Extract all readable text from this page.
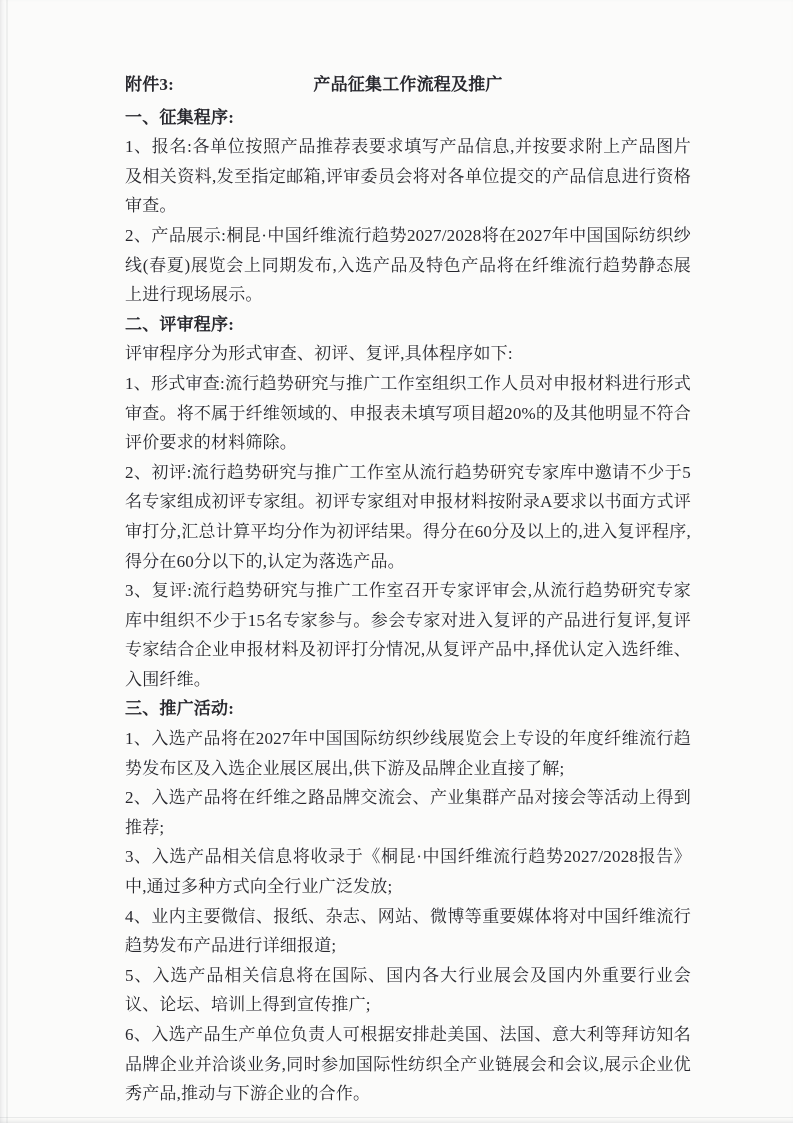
附件3:	产品征集工作流程及推广
一、征集程序:

1、报名:各单位按照产品推荐表要求填写产品信息,并按要求附上产品图片及相关资料,发至指定邮箱,评审委员会将对各单位提交的产品信息进行资格审查。

2、产品展示:桐昆·中国纤维流行趋势2027/2028将在2027年中国国际纺织纱线(春夏)展览会上同期发布,入选产品及特色产品将在纤维流行趋势静态展上进行现场展示。

二、评审程序:

评审程序分为形式审查、初评、复评,具体程序如下:

1、形式审查:流行趋势研究与推广工作室组织工作人员对申报材料进行形式审查。将不属于纤维领域的、申报表未填写项目超20%的及其他明显不符合评价要求的材料筛除。

2、初评:流行趋势研究与推广工作室从流行趋势研究专家库中邀请不少于5名专家组成初评专家组。初评专家组对申报材料按附录A要求以书面方式评审打分,汇总计算平均分作为初评结果。得分在60分及以上的,进入复评程序,得分在60分以下的,认定为落选产品。

3、复评:流行趋势研究与推广工作室召开专家评审会,从流行趋势研究专家库中组织不少于15名专家参与。参会专家对进入复评的产品进行复评,复评专家结合企业申报材料及初评打分情况,从复评产品中,择优认定入选纤维、入围纤维。

三、推广活动:

1、入选产品将在2027年中国国际纺织纱线展览会上专设的年度纤维流行趋势发布区及入选企业展区展出,供下游及品牌企业直接了解;

2、入选产品将在纤维之路品牌交流会、产业集群产品对接会等活动上得到推荐;

3、入选产品相关信息将收录于《桐昆·中国纤维流行趋势2027/2028报告》中,通过多种方式向全行业广泛发放;

4、业内主要微信、报纸、杂志、网站、微博等重要媒体将对中国纤维流行趋势发布产品进行详细报道;

5、入选产品相关信息将在国际、国内各大行业展会及国内外重要行业会议、论坛、培训上得到宣传推广;

6、入选产品生产单位负责人可根据安排赴美国、法国、意大利等拜访知名品牌企业并洽谈业务,同时参加国际性纺织全产业链展会和会议,展示企业优秀产品,推动与下游企业的合作。
